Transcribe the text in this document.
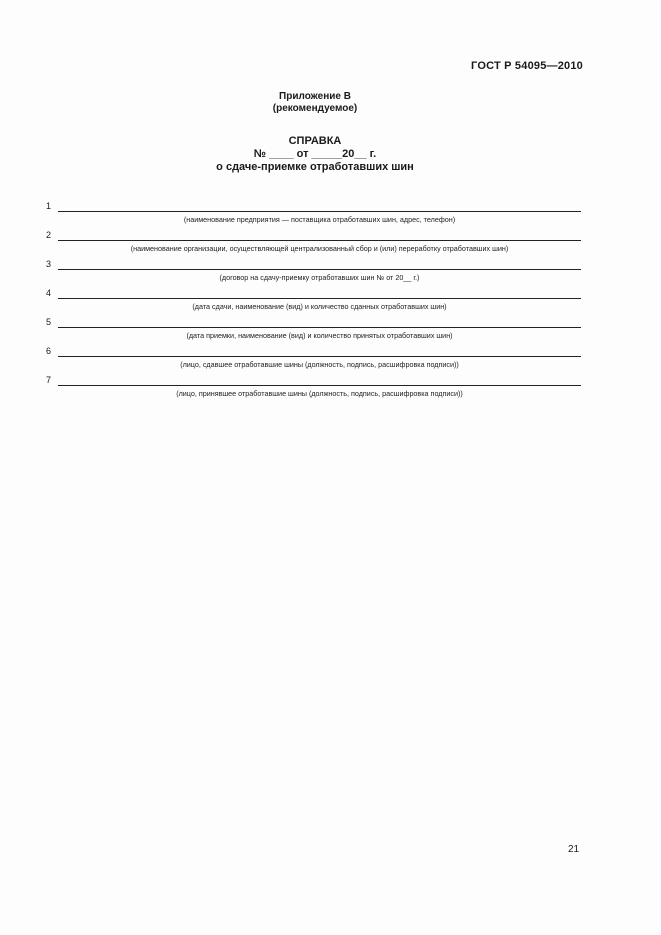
ГОСТ Р 54095—2010
Приложение В
(рекомендуемое)
СПРАВКА
№ ____ от _____20__ г.
о сдаче-приемке отработавших шин
1
(наименование предприятия — поставщика отработавших шин, адрес, телефон)
2
(наименование организации, осуществляющей централизованный сбор и (или) переработку отработавших шин)
3
(договор на сдачу-приемку отработавших шин № от 20__ г.)
4
(дата сдачи, наименование (вид) и количество сданных отработавших шин)
5
(дата приемки, наименование (вид) и количество принятых отработавших шин)
6
(лицо, сдавшее отработавшие шины (должность, подпись, расшифровка подписи))
7
(лицо, принявшее отработавшие шины (должность, подпись, расшифровка подписи))
21
